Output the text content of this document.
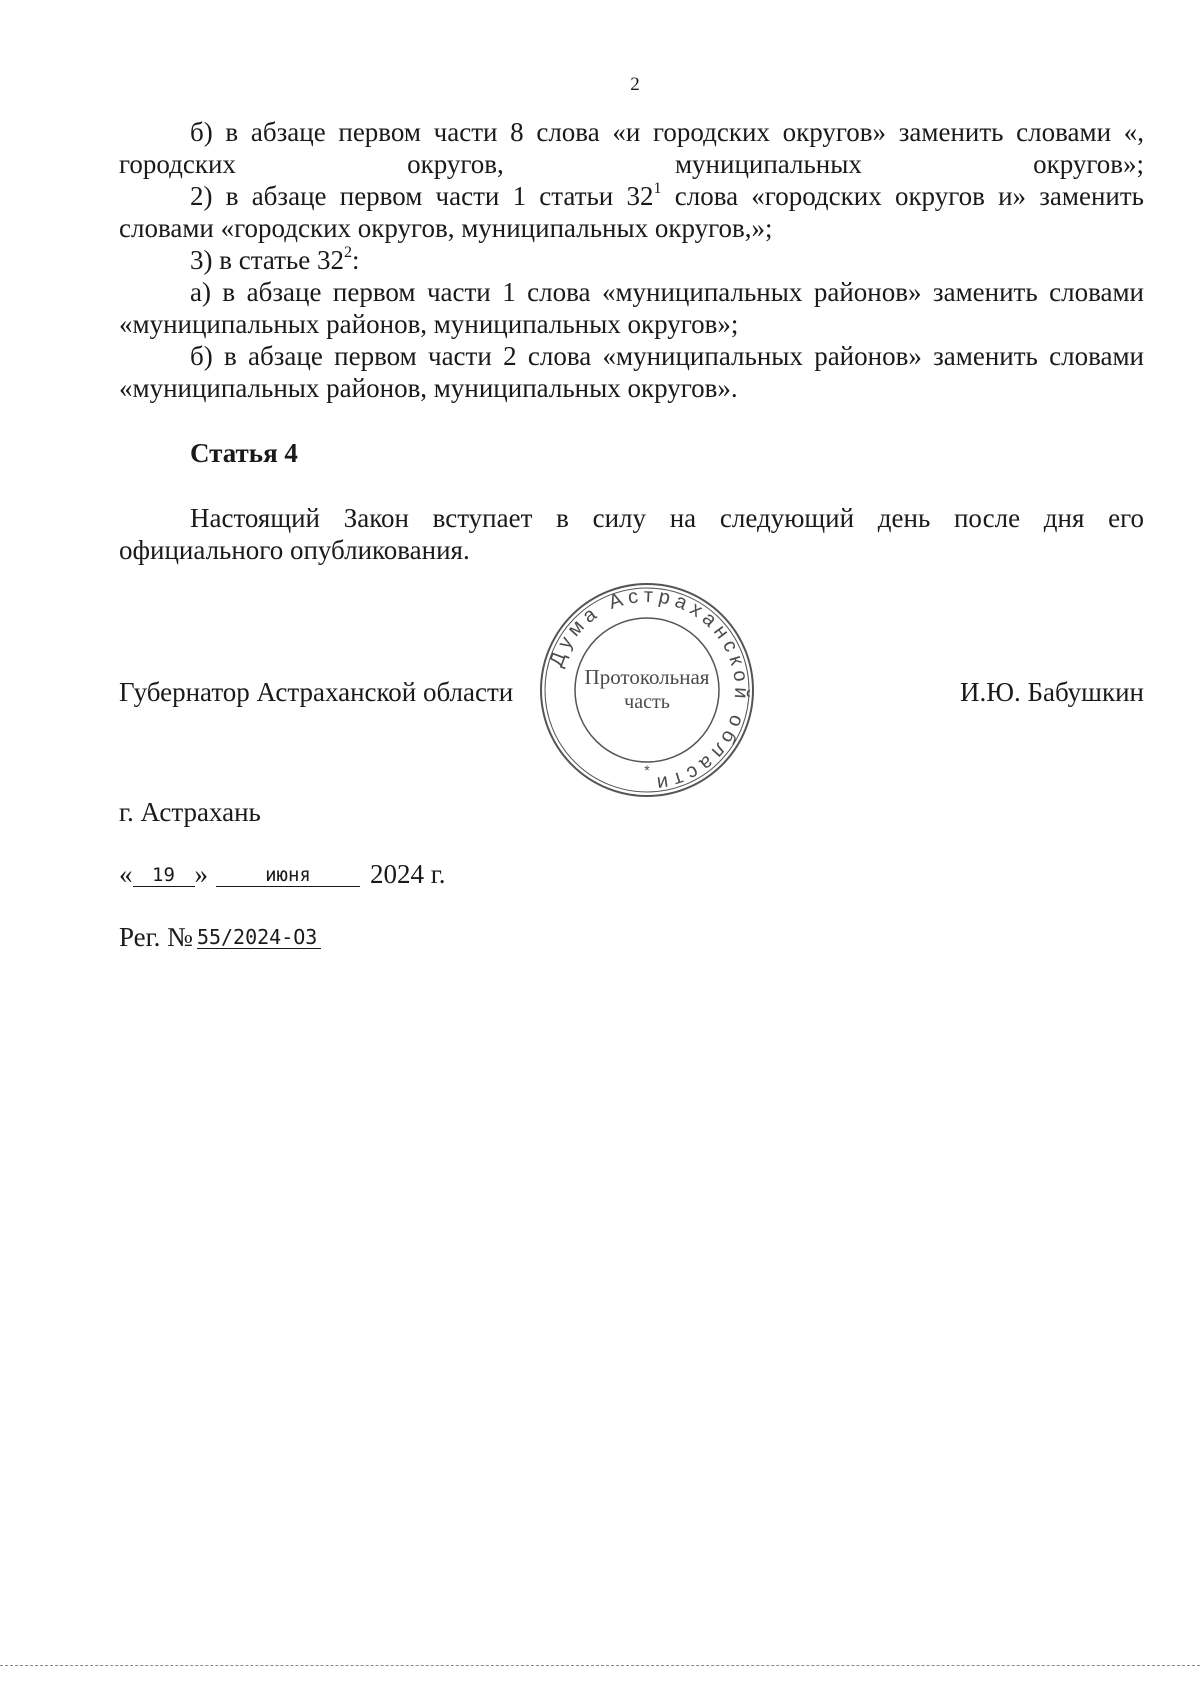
2

б) в абзаце первом части 8 слова «и городских округов» заменить словами «, городских округов, муниципальных округов»;

2) в абзаце первом части 1 статьи $32^1$ слова «городских округов и» заменить словами «городских округов, муниципальных округов,»;

3) в статье $32^2$:

а) в абзаце первом части 1 слова «муниципальных районов» заменить словами «муниципальных районов, муниципальных округов»;

б) в абзаце первом части 2 слова «муниципальных районов» заменить словами «муниципальных районов, муниципальных округов».

Статья 4

Настоящий Закон вступает в силу на следующий день после дня его официального опубликования.

Дума Астраханской области
*
Протокольная
часть
Губернатор Астраханской области	И.Ю. Бабушкин
г. Астрахань
« 19 »	июня 2024 г.
Рег. № 55/2024-ОЗ
